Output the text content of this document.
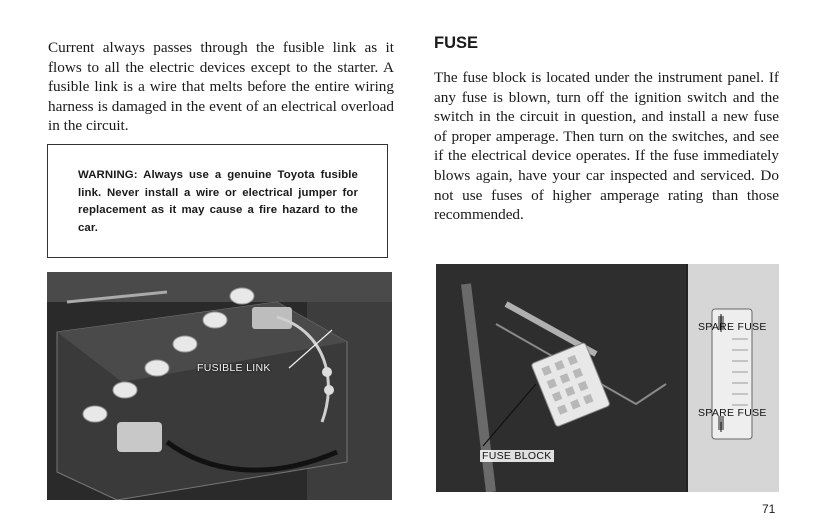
Current always passes through the fusible link as it flows to all the electric devices except to the starter. A fusible link is a wire that melts before the entire wiring harness is damaged in the event of an electrical overload in the circuit.

WARNING: Always use a genuine Toyota fusible link. Never install a wire or electrical jumper for replacement as it may cause a fire hazard to the car.

FUSIBLE LINK
FUSE

The fuse block is located under the instrument panel. If any fuse is blown, turn off the ignition switch and the switch in the circuit in question, and install a new fuse of proper amperage. Then turn on the switches, and see if the electrical device operates. If the fuse immediately blows again, have your car inspected and serviced. Do not use fuses of higher amperage rating than those recommended.

FUSE BLOCK
SPARE FUSE
SPARE FUSE
71
